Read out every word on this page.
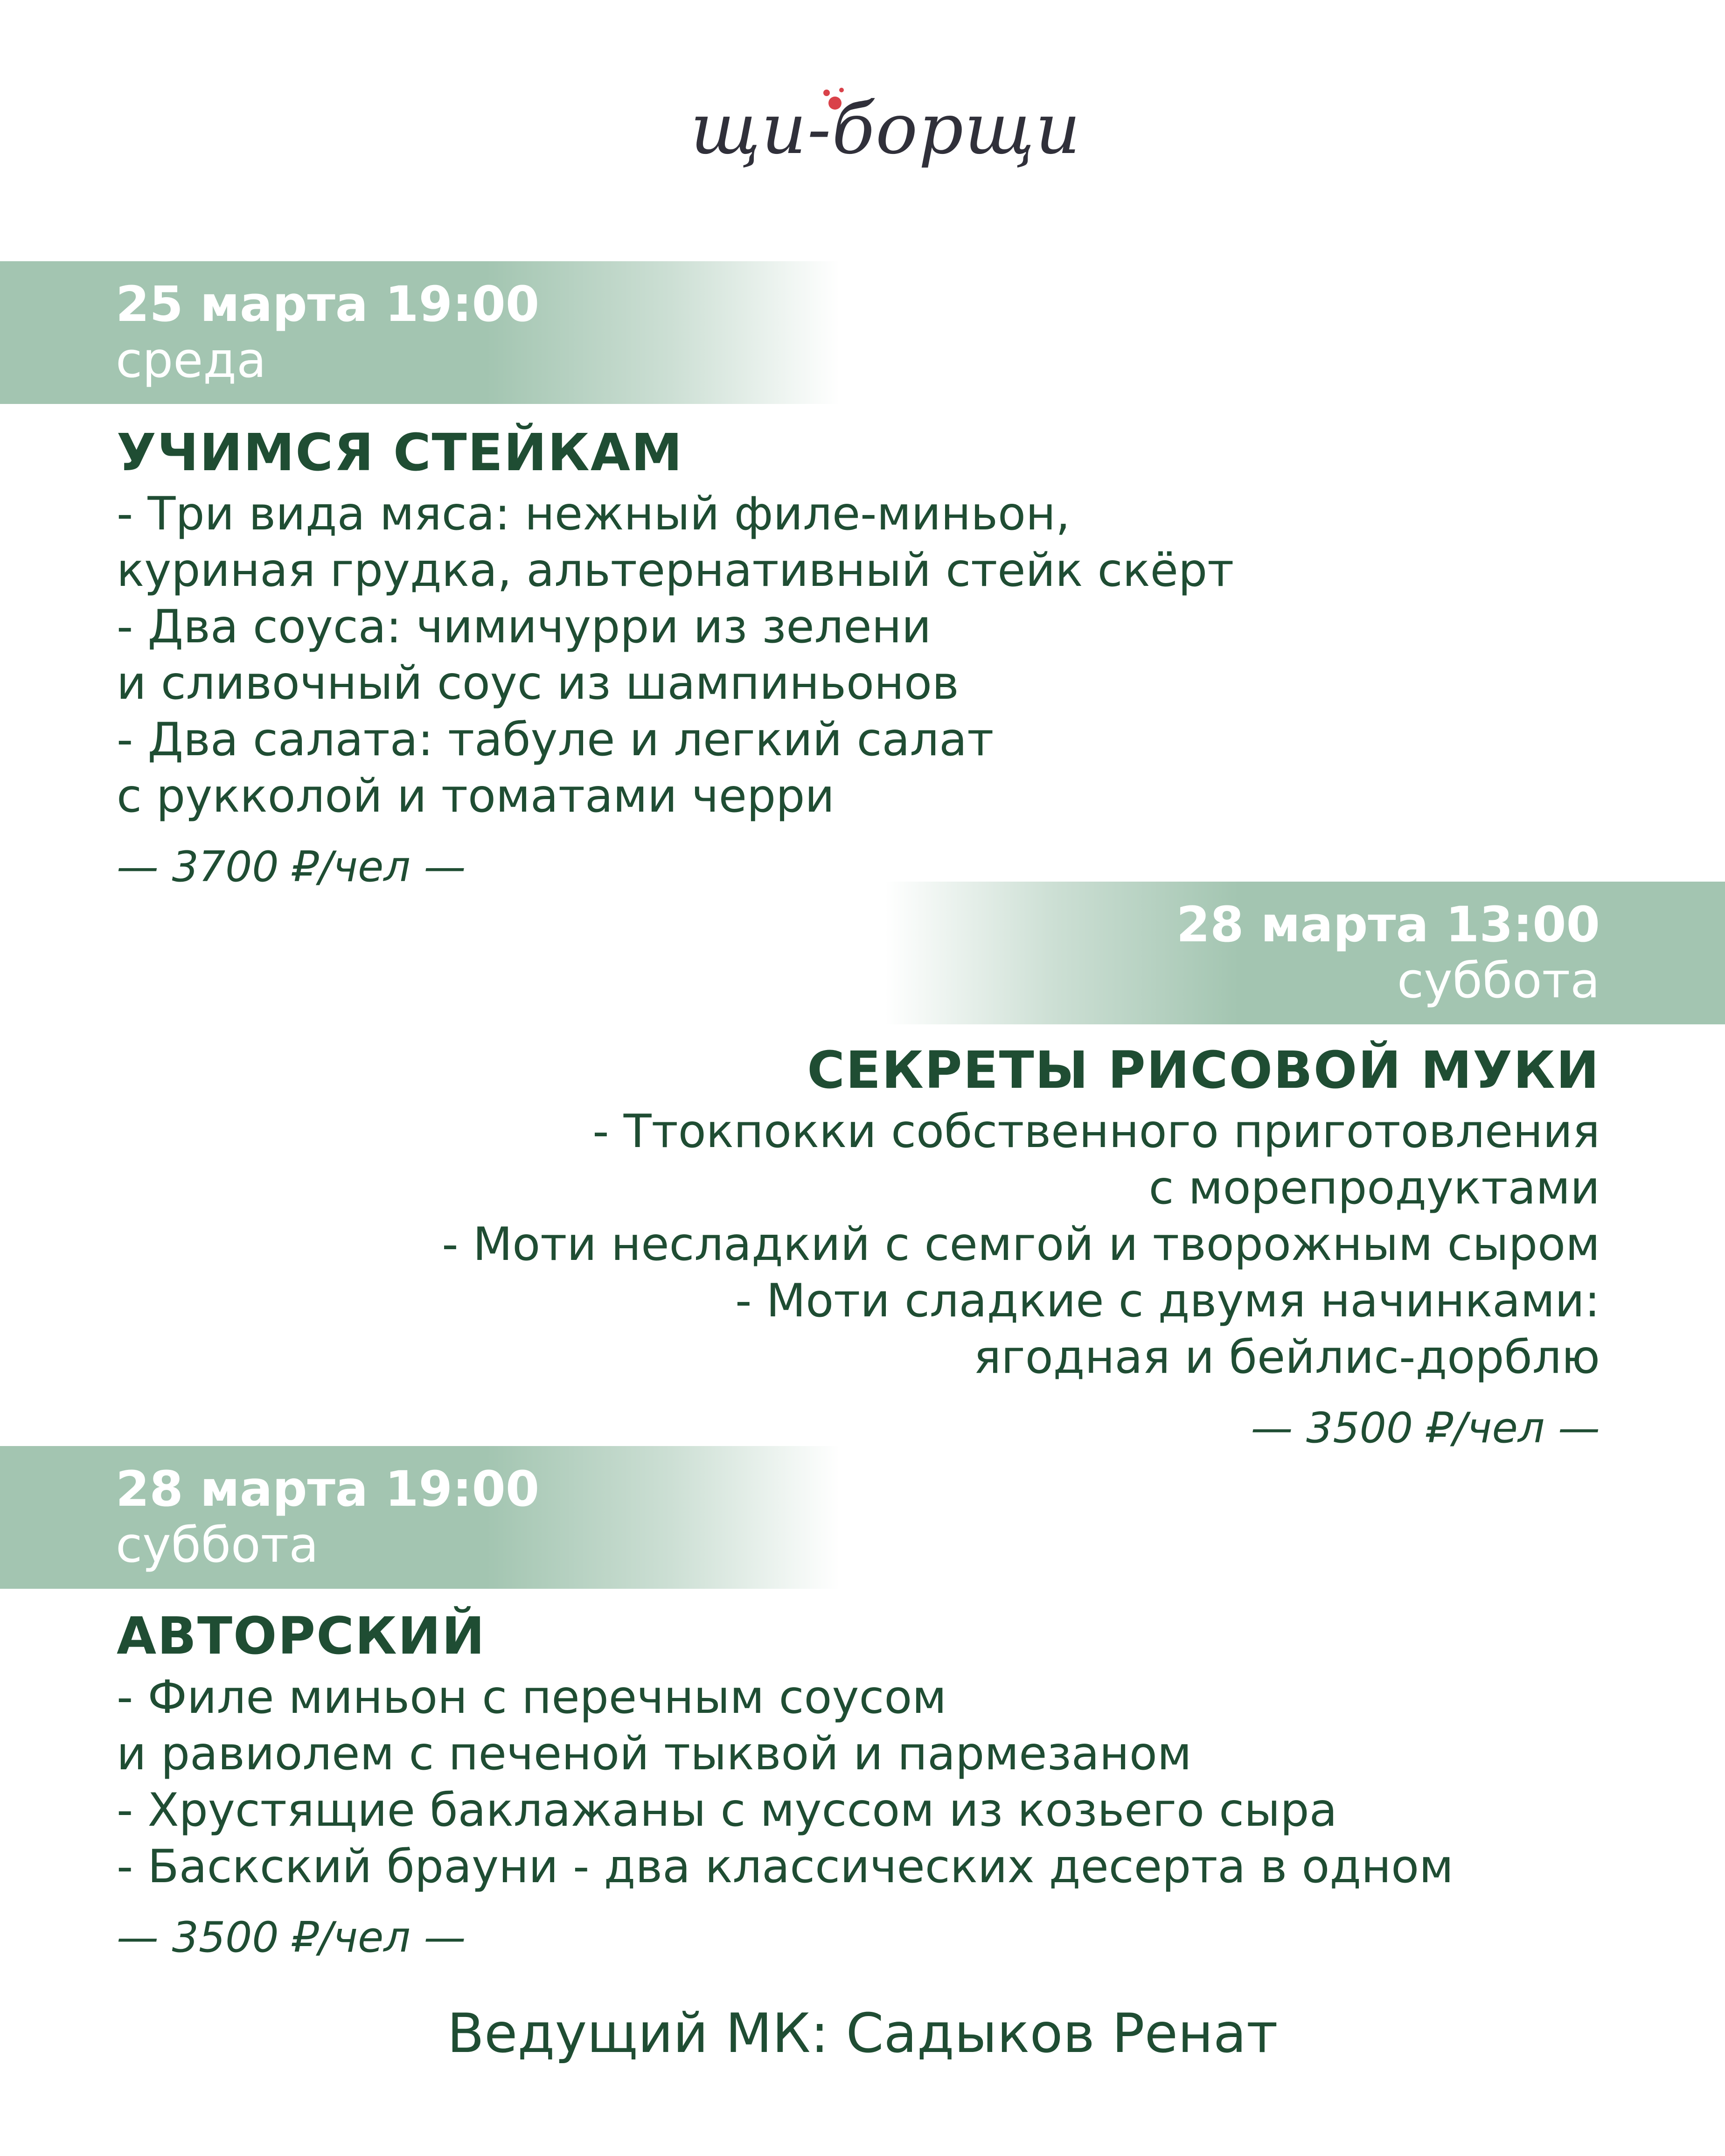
щи-борщи
25 марта 19:00
среда
УЧИМСЯ СТЕЙКАМ
- Три вида мяса: нежный филе-миньон,
куриная грудка, альтернативный стейк скёрт
- Два соуса: чимичурри из зелени
и сливочный соус из шампиньонов
- Два салата: табуле и легкий салат
с рукколой и томатами черри
— 3700 ₽/чел —
28 марта 13:00
суббота
СЕКРЕТЫ РИСОВОЙ МУКИ
- Ттокпокки собственного приготовления
с морепродуктами
- Моти несладкий с семгой и творожным сыром
- Моти сладкие с двумя начинками:
ягодная и бейлис-дорблю
— 3500 ₽/чел —
28 марта 19:00
суббота
АВТОРСКИЙ
- Филе миньон с перечным соусом
и равиолем с печеной тыквой и пармезаном
- Хрустящие баклажаны с муссом из козьего сыра
- Баскский брауни - два классических десерта в одном
— 3500 ₽/чел —
Ведущий МК: Садыков Ренат
